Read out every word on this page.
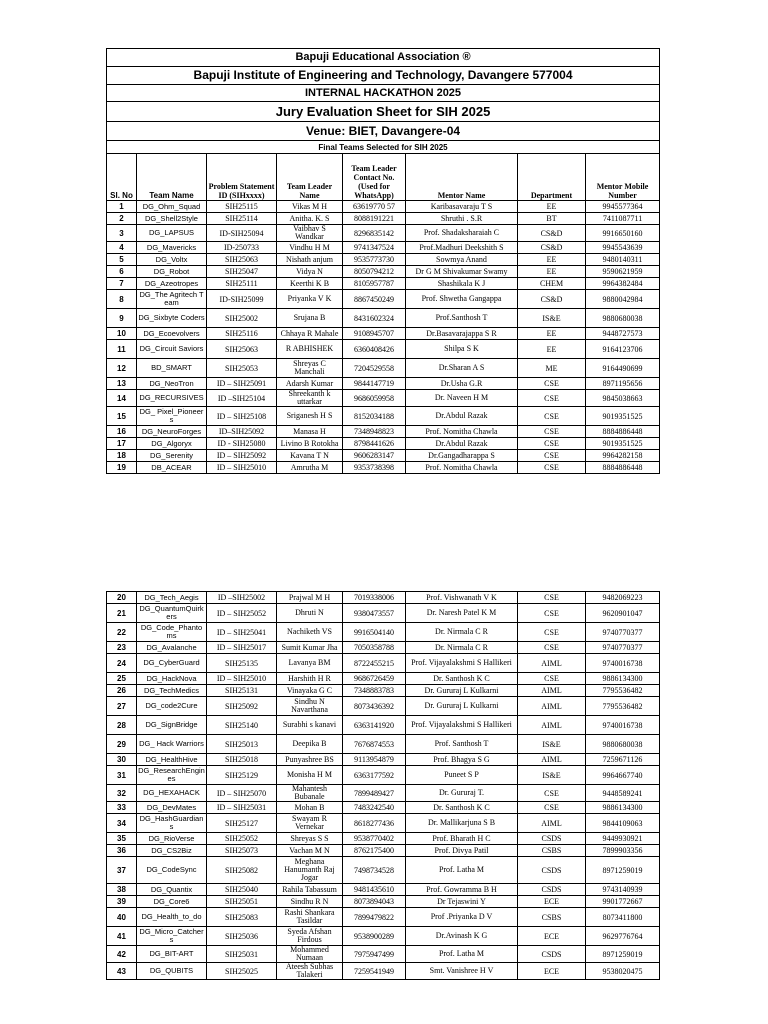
Bapuji Educational Association ®							
Bapuji Institute of Engineering and Technology, Davangere 577004							
INTERNAL HACKATHON 2025							
Jury Evaluation Sheet for SIH 2025							
Venue: BIET, Davangere-04							
Final Teams Selected for SIH 2025							
Sl. No	Team Name	Problem Statement ID (SIHxxxx)	Team Leader Name	Team Leader Contact No. (Used for WhatsApp)	Mentor Name	Department	Mentor Mobile Number
1	DG_Ohm_Squad	SIH25115	Vikas M H	63619770 57	Karibasavaraju T S	EE	9945577364
2	DG_Shell2Style	SIH25114	Anitha. K. S	8088191221	Shruthi . S.R	BT	7411087711
3	DG_LAPSUS	ID-SIH25094	Vaibhav S Wandkar	8296835142	Prof. Shadaksharaiah C	CS&D	9916650160
4	DG_Mavericks	ID-250733	Vindhu H M	9741347524	Prof.Madhuri Deekshith S	CS&D	9945543639
5	DG_Voltx	SIH25063	Nishath anjum	9535773730	Sowmya Anand	EE	9480140311
6	DG_Robot	SIH25047	Vidya N	8050794212	Dr G M Shivakumar Swamy	EE	9590621959
7	DG_Azeotropes	SIH25111	Keerthi K B	8105957787	Shashikala K J	CHEM	9964382484
8	DG_The Agritech Team	ID-SIH25099	Priyanka V K	8867450249	Prof. Shwetha Gangappa	CS&D	9880042984
9	DG_Sixbyte Coders	SIH25002	Srujana B	8431602324	Prof.Santhosh T	IS&E	9880680038
10	DG_Ecoevolvers	SIH25116	Chhaya R Mahale	9108945707	Dr.Basavarajappa S R	EE	9448727573
11	DG_Circuit Saviors	SIH25063	R ABHISHEK	6360408426	Shilpa S K	EE	9164123706
12	BD_SMART	SIH25053	Shreyas C Manchali	7204529558	Dr.Sharan A S	ME	9164490699
13	DG_NeoTron	ID – SIH25091	Adarsh Kumar	9844147719	Dr.Usha G.R	CSE	8971195656
14	DG_RECURSIVES	ID –SIH25104	Shreekanth k uttarkar	9686059958	Dr. Naveen H M	CSE	9845038663
15	DG_ Pixel_Pioneers	ID – SIH25108	Sriganesh H S	8152034188	Dr.Abdul Razak	CSE	9019351525
16	DG_NeuroForges	ID–SIH25092	Manasa H	7348948823	Prof. Nomitha Chawla	CSE	8884886448
17	DG_Algoryx	ID - SIH25080	Livino B Rotokha	8798441626	Dr.Abdul Razak	CSE	9019351525
18	DG_Serenity	ID – SIH25092	Kavana T N	9606283147	Dr.Gangadharappa S	CSE	9964282158
19	DB_ACEAR	ID – SIH25010	Amrutha M	9353738398	Prof. Nomitha Chawla	CSE	8884886448
20	DG_Tech_Aegis	ID –SIH25002	Prajwal M H	7019338006	Prof. Vishwanath V K	CSE	9482069223
21	DG_QuantumQuirkers	ID – SIH25052	Dhruti N	9380473557	Dr. Naresh Patel K M	CSE	9620901047
22	DG_Code_Phantoms	ID – SIH25041	Nachiketh VS	9916504140	Dr. Nirmala C R	CSE	9740770377
23	DG_Avalanche	ID – SIH25017	Sumit Kumar Jha	7050358788	Dr. Nirmala C R	CSE	9740770377
24	DG_CyberGuard	SIH25135	Lavanya BM	8722455215	Prof. Vijayalakshmi S Hallikeri	AIML	9740016738
25	DG_HackNova	ID – SIH25010	Harshith H R	9686726459	Dr. Santhosh K C	CSE	9886134300
26	DG_TechMedics	SIH25131	Vinayaka G C	7348883783	Dr. Gururaj L Kulkarni	AIML	7795536482
27	DG_code2Cure	SIH25092	Sindhu N Navarthana	8073436392	Dr. Gururaj L Kulkarni	AIML	7795536482
28	DG_SignBridge	SIH25140	Surabhi s kanavi	6363141920	Prof. Vijayalakshmi S Hallikeri	AIML	9740016738
29	DG_ Hack Warriors	SIH25013	Deepika B	7676874553	Prof. Santhosh T	IS&E	9880680038
30	DG_HealthHive	SIH25018	Punyashree BS	9113954879	Prof. Bhagya S G	AIML	7259671126
31	DG_ResearchEngines	SIH25129	Monisha H M	6363177592	Puneet S P	IS&E	9964667740
32	DG_HEXAHACK	ID – SIH25070	Mahantesh Bubanale	7899489427	Dr. Gururaj T.	CSE	9448589241
33	DG_DevMates	ID – SIH25031	Mohan B	7483242540	Dr. Santhosh K C	CSE	9886134300
34	DG_HashGuardians	SIH25127	Swayam R Vernekar	8618277436	Dr. Mallikarjuna S B	AIML	9844109063
35	DG_RioVerse	SIH25052	Shreyas S S	9538770402	Prof. Bharath H C	CSDS	9449930921
36	DG_CS2Biz	SIH25073	Vachan M N	8762175400	Prof. Divya Patil	CSBS	7899903356
37	DG_CodeSync	SIH25082	Meghana Hanumanth Raj Jogar	7498734528	Prof. Latha M	CSDS	8971259019
38	DG_Quantix	SIH25040	Rahila Tabassum	9481435610	Prof. Gowramma B H	CSDS	9743140939
39	DG_Core6	SIH25051	Sindhu R N	8073894043	Dr Tejaswini Y	ECE	9901772667
40	DG_Health_to_do	SIH25083	Rashi Shankara Tasildar	7899479822	Prof .Priyanka D V	CSBS	8073411800
41	DG_Micro_Catchers	SIH25036	Syeda Afshan Firdous	9538900289	Dr.Avinash K G	ECE	9629776764
42	DG_BIT-ART	SIH25031	Mohammed Numaan	7975947499	Prof. Latha M	CSDS	8971259019
43	DG_QUBITS	SIH25025	Ateesh Subhas Talakeri	7259541949	Smt. Vanishree H V	ECE	9538020475
